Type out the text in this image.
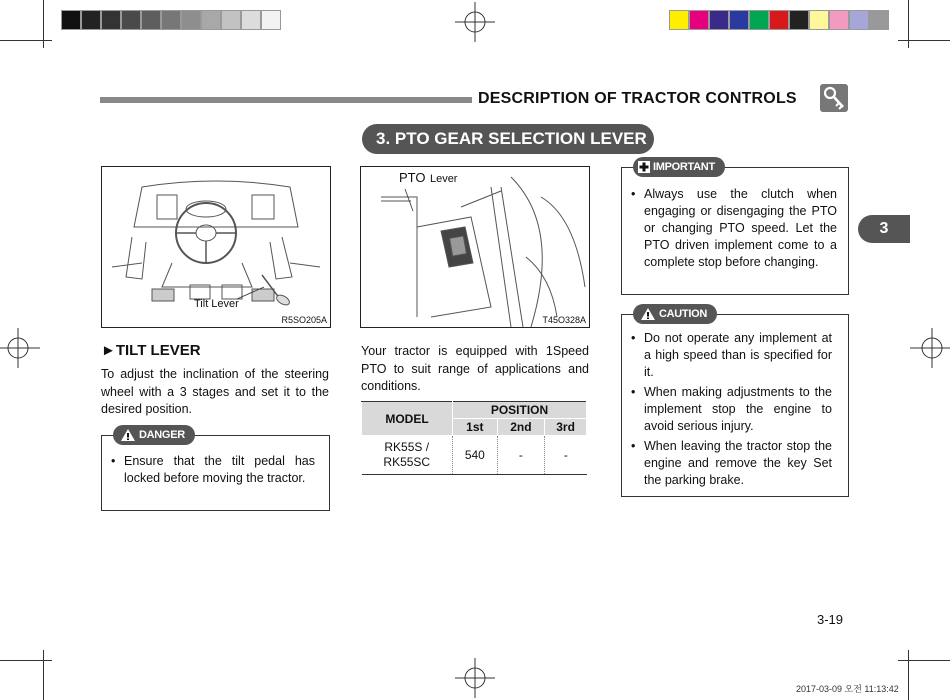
DESCRIPTION OF TRACTOR CONTROLS
3. PTO GEAR SELECTION LEVER
3
Tilt Lever
R5SO205A
PTO Lever
T45O328A
►TILT LEVER
To adjust the inclination of the steering wheel with a 3 stages and set it to the desired position.
• Ensure that the tilt pedal has locked before moving the tractor.
DANGER
Your tractor is equipped with 1Speed PTO to suit range of applications and conditions.
MODEL	POSITION		
	1st	2nd	3rd
RK55S / RK55SC	540	-	-
• Always use the clutch when engaging or disengaging the PTO or changing PTO speed. Let the PTO driven implement come to a complete stop before changing.
IMPORTANT
• Do not operate any implement at a high speed than is specified for it.
• When making adjustments to the implement stop the engine to avoid serious injury.
• When leaving the tractor stop the engine and remove the key Set the parking brake.
CAUTION
3-19
2017-03-09 오전 11:13:42
